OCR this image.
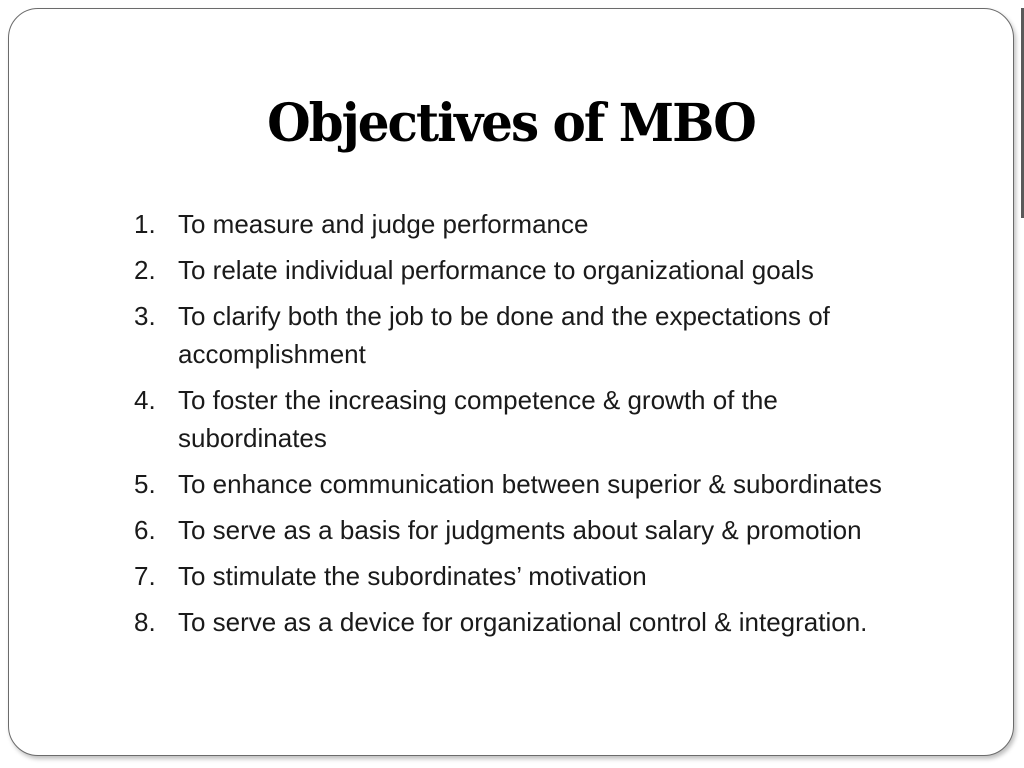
Objectives of MBO
1. To measure and judge performance
2. To relate individual performance to organizational goals
3. To clarify both the job to be done and the expectations of accomplishment
4. To foster the increasing competence & growth of the subordinates
5. To enhance communication between superior & subordinates
6. To serve as a basis for judgments about salary & promotion
7. To stimulate the subordinates’ motivation
8. To serve as a device for organizational control & integration.
